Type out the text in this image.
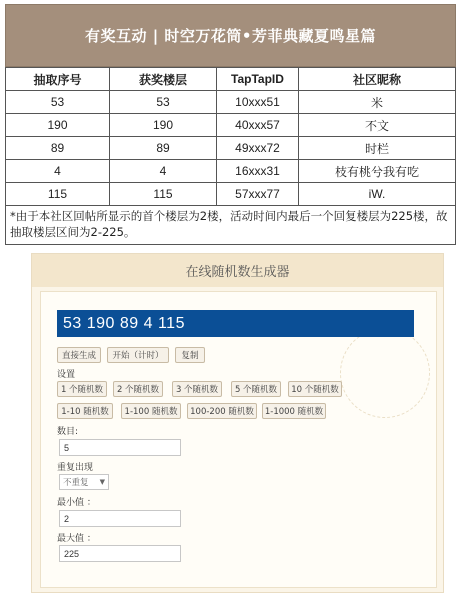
有奖互动 | 时空万花筒•芳菲典藏夏鸣星篇
抽取序号	获奖楼层	TapTapID	社区昵称
53	53	10xxx51	米
190	190	40xxx57	不文
89	89	49xxx72	时栏
4	4	16xxx31	枝有桃兮我有吃
115	115	57xxx77	iW.
*由于本社区回帖所显示的首个楼层为2楼，活动时间内最后一个回复楼层为225楼，故抽取楼层区间为2-225。
在线随机数生成器
53 190 89 4 115
直接生成	开始（计时）	复制
设置
1 个随机数	2 个随机数	3 个随机数	5 个随机数	10 个随机数
1-10 随机数	1-100 随机数	100-200 随机数	1-1000 随机数
数目:
5
重复出现
不重复 ▼
最小值 ：
2
最大值 ：
225
